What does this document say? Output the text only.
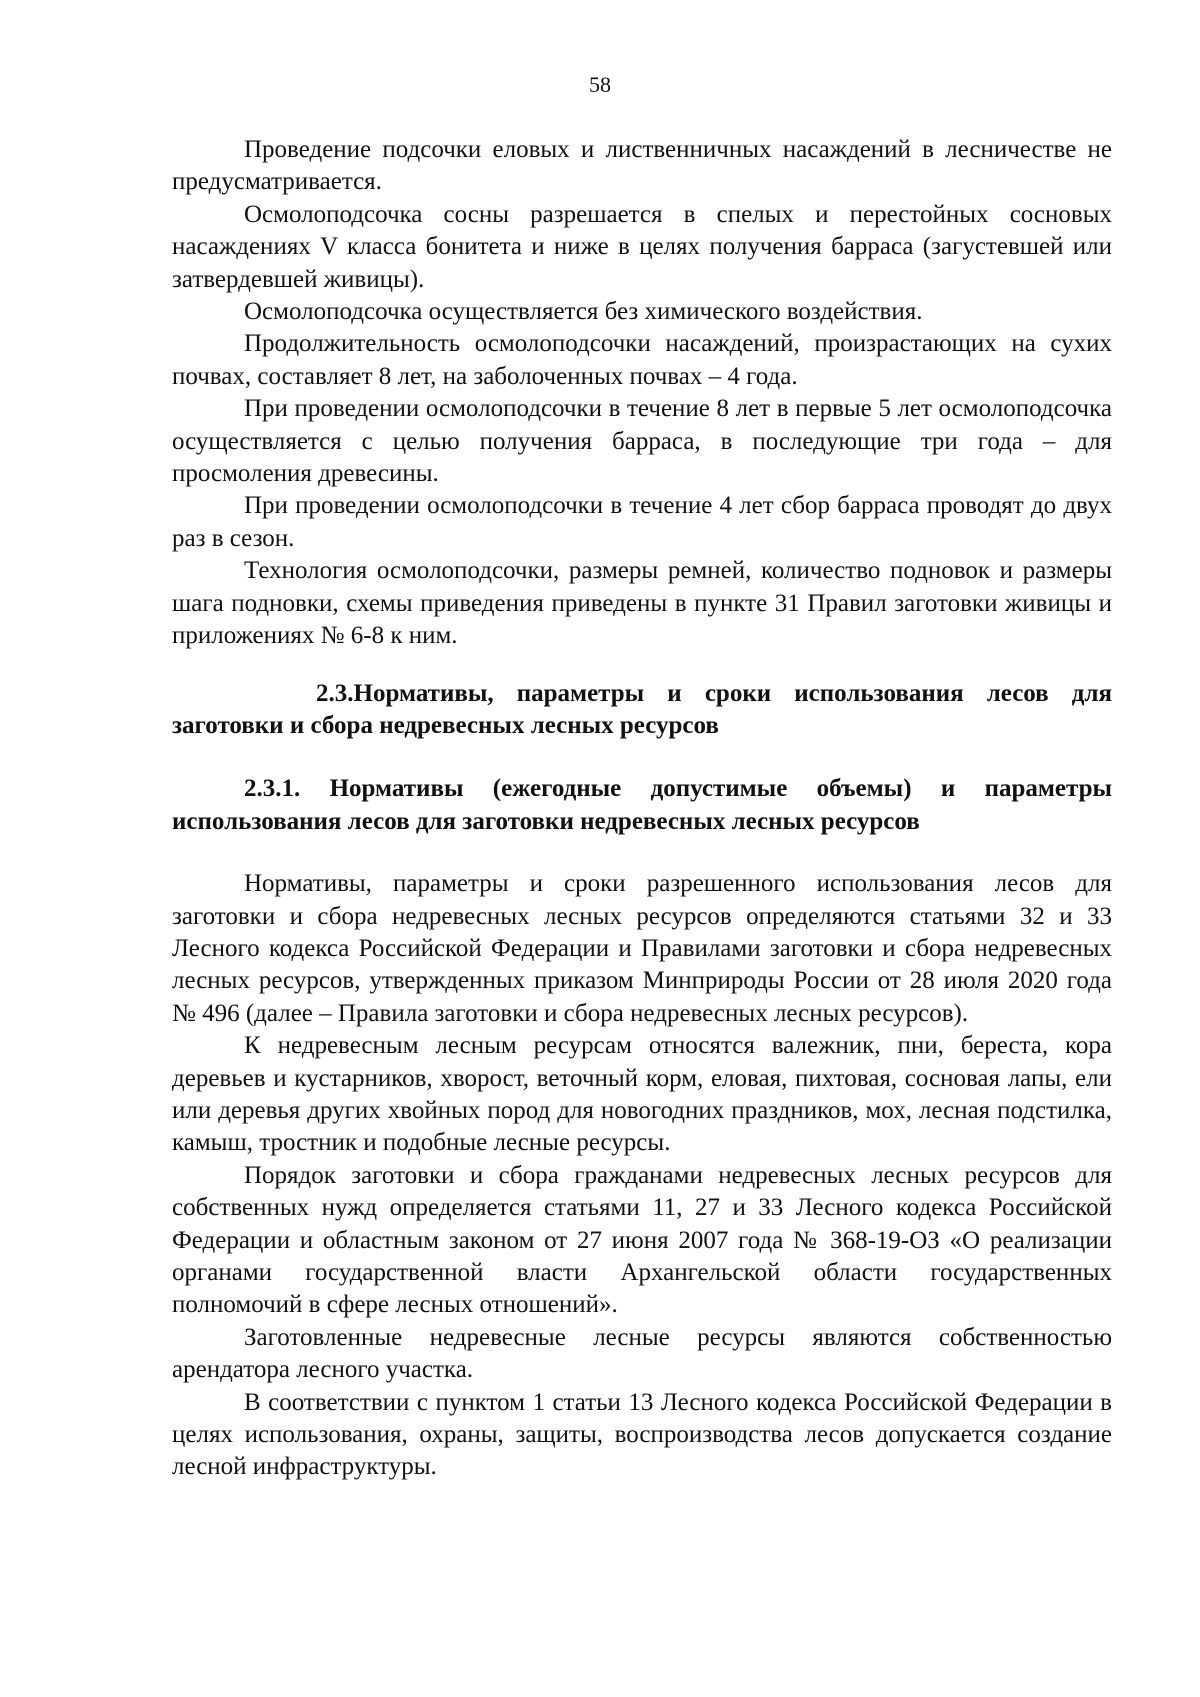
58

Проведение подсочки еловых и лиственничных насаждений в лесничестве не предусматривается.

Осмолоподсочка сосны разрешается в спелых и перестойных сосновых насаждениях V класса бонитета и ниже в целях получения барраса (загустевшей или затвердевшей живицы).

Осмолоподсочка осуществляется без химического воздействия.

Продолжительность осмолоподсочки насаждений, произрастающих на сухих почвах, составляет 8 лет, на заболоченных почвах – 4 года.

При проведении осмолоподсочки в течение 8 лет в первые 5 лет осмолоподсочка осуществляется с целью получения барраса, в последующие три года – для просмоления древесины.

При проведении осмолоподсочки в течение 4 лет сбор барраса проводят до двух раз в сезон.

Технология осмолоподсочки, размеры ремней, количество подновок и размеры шага подновки, схемы приведения приведены в пункте 31 Правил заготовки живицы и приложениях № 6-8 к ним.

2.3.Нормативы, параметры и сроки использования лесов для заготовки и сбора недревесных лесных ресурсов

2.3.1. Нормативы (ежегодные допустимые объемы) и параметры использования лесов для заготовки недревесных лесных ресурсов

Нормативы, параметры и сроки разрешенного использования лесов для заготовки и сбора недревесных лесных ресурсов определяются статьями 32 и 33 Лесного кодекса Российской Федерации и Правилами заготовки и сбора недревесных лесных ресурсов, утвержденных приказом Минприроды России от 28 июля 2020 года № 496 (далее – Правила заготовки и сбора недревесных лесных ресурсов).

К недревесным лесным ресурсам относятся валежник, пни, береста, кора деревьев и кустарников, хворост, веточный корм, еловая, пихтовая, сосновая лапы, ели или деревья других хвойных пород для новогодних праздников, мох, лесная подстилка, камыш, тростник и подобные лесные ресурсы.

Порядок заготовки и сбора гражданами недревесных лесных ресурсов для собственных нужд определяется статьями 11, 27 и 33 Лесного кодекса Российской Федерации и областным законом от 27 июня 2007 года № 368-19-ОЗ «О реализации органами государственной власти Архангельской области государственных полномочий в сфере лесных отношений».

Заготовленные недревесные лесные ресурсы являются собственностью арендатора лесного участка.

В соответствии с пунктом 1 статьи 13 Лесного кодекса Российской Федерации в целях использования, охраны, защиты, воспроизводства лесов допускается создание лесной инфраструктуры.
